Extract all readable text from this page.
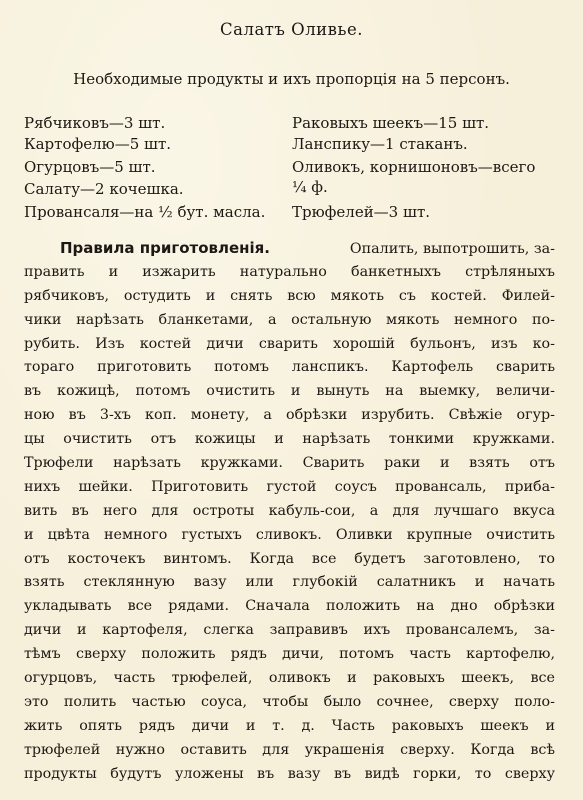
Салатъ Оливье.
Необходимые продукты и ихъ пропорція на 5 персонъ.
Рябчиковъ—3 шт.
Картофелю—5 шт.
Огурцовъ—5 шт.
Салату—2 кочешка.
Провансаля—на ½ бут. масла.
Раковыхъ шеекъ—15 шт.
Ланспику—1 стаканъ.
Оливокъ, корнишоновъ—всего
¼ ф.
Трюфелей—3 шт.
Правила приготовленія.	Опалить, выпотрошить, за-
править и изжарить натурально банкетныхъ стрѣляныхъ
рябчиковъ, остудить и снять всю мякоть съ костей. Филей-
чики нарѣзать бланкетами, а остальную мякоть немного по-
рубить. Изъ костей дичи сварить хорошій бульонъ, изъ ко-
тораго приготовить потомъ ланспикъ. Картофель сварить
въ кожицѣ, потомъ очистить и вынуть на выемку, величи-
ною въ 3-хъ коп. монету, а обрѣзки изрубить. Свѣжіе огур-
цы очистить отъ кожицы и нарѣзать тонкими кружками.
Трюфели нарѣзать кружками. Сварить раки и взять отъ
нихъ шейки. Приготовить густой соусъ провансаль, приба-
вить въ него для остроты кабуль-сои, а для лучшаго вкуса
и цвѣта немного густыхъ сливокъ. Оливки крупные очистить
отъ косточекъ винтомъ. Когда все будетъ заготовлено, то
взять стеклянную вазу или глубокій салатникъ и начать
укладывать все рядами. Сначала положить на дно обрѣзки
дичи и картофеля, слегка заправивъ ихъ провансалемъ, за-
тѣмъ сверху положить рядъ дичи, потомъ часть картофелю,
огурцовъ, часть трюфелей, оливокъ и раковыхъ шеекъ, все
это полить частью соуса, чтобы было сочнее, сверху поло-
жить опять рядъ дичи и т. д. Часть раковыхъ шеекъ и
трюфелей нужно оставить для украшенія сверху. Когда всѣ
продукты будутъ уложены въ вазу въ видѣ горки, то сверху
